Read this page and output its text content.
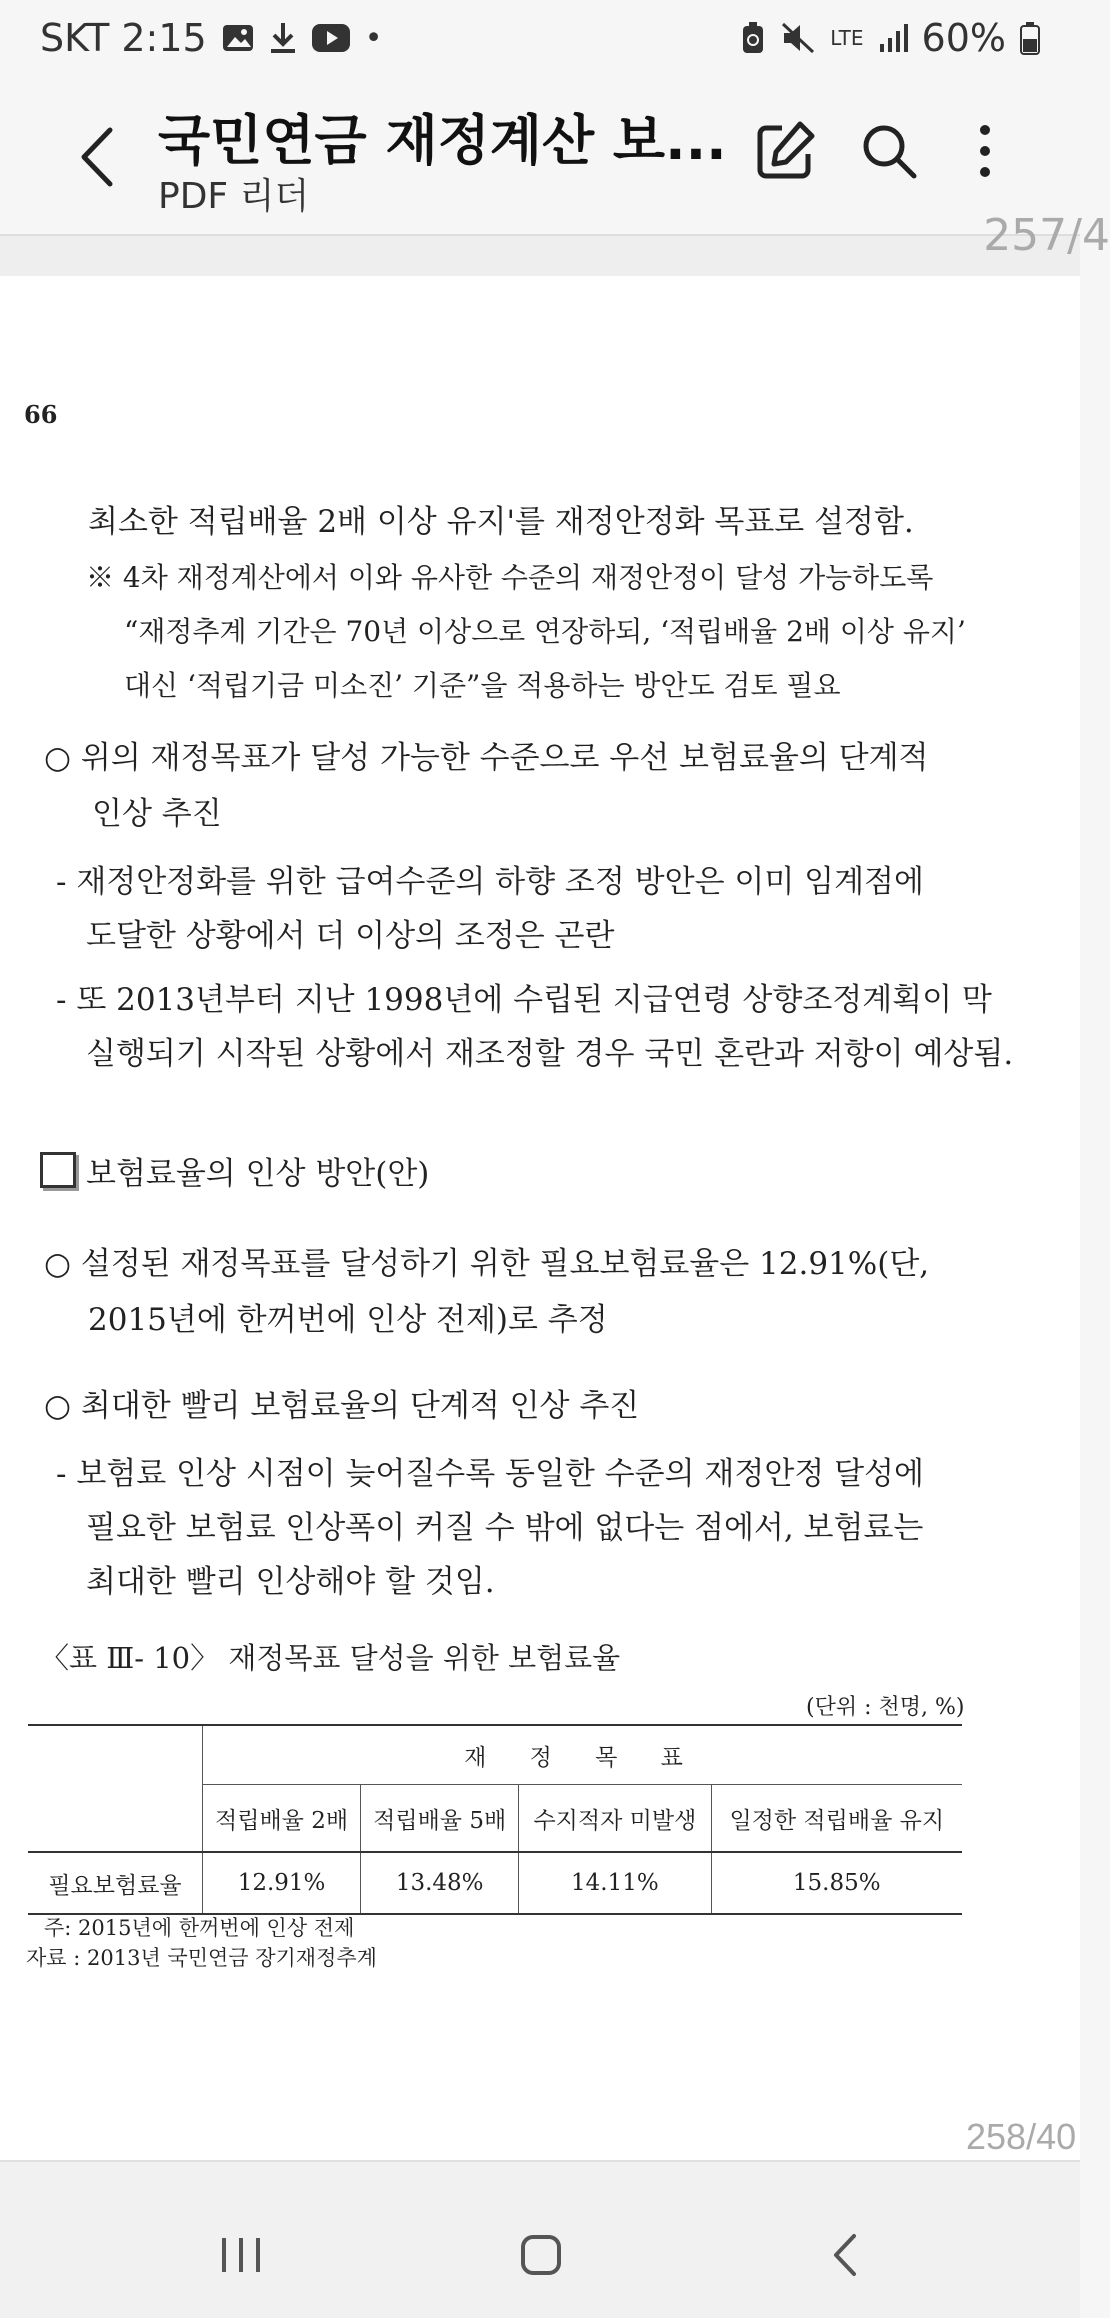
SKT 2:15	•	LTE 60%
국민연금 재정계산 보...
PDF 리더
257/4
66
최소한 적립배율 2배 이상 유지'를 재정안정화 목표로 설정함.
※ 4차 재정계산에서 이와 유사한 수준의 재정안정이 달성 가능하도록
“재정추계 기간은 70년 이상으로 연장하되, ‘적립배율 2배 이상 유지’
대신 ‘적립기금 미소진’ 기준”을 적용하는 방안도 검토 필요
○ 위의 재정목표가 달성 가능한 수준으로 우선 보험료율의 단계적
인상 추진
- 재정안정화를 위한 급여수준의 하향 조정 방안은 이미 임계점에
도달한 상황에서 더 이상의 조정은 곤란
- 또 2013년부터 지난 1998년에 수립된 지급연령 상향조정계획이 막
실행되기 시작된 상황에서 재조정할 경우 국민 혼란과 저항이 예상됨.
보험료율의 인상 방안(안)
○ 설정된 재정목표를 달성하기 위한 필요보험료율은 12.91%(단,
2015년에 한꺼번에 인상 전제)로 추정
○ 최대한 빨리 보험료율의 단계적 인상 추진
- 보험료 인상 시점이 늦어질수록 동일한 수준의 재정안정 달성에
필요한 보험료 인상폭이 커질 수 밖에 없다는 점에서, 보험료는
최대한 빨리 인상해야 할 것임.
〈표 Ⅲ- 10〉 재정목표 달성을 위한 보험료율
(단위 : 천명, %)
	재 정 목 표			
	적립배율 2배	적립배율 5배	수지적자 미발생	일정한 적립배율 유지
필요보험료율	12.91%	13.48%	14.11%	15.85%
주: 2015년에 한꺼번에 인상 전제
자료 : 2013년 국민연금 장기재정추계
258/40
